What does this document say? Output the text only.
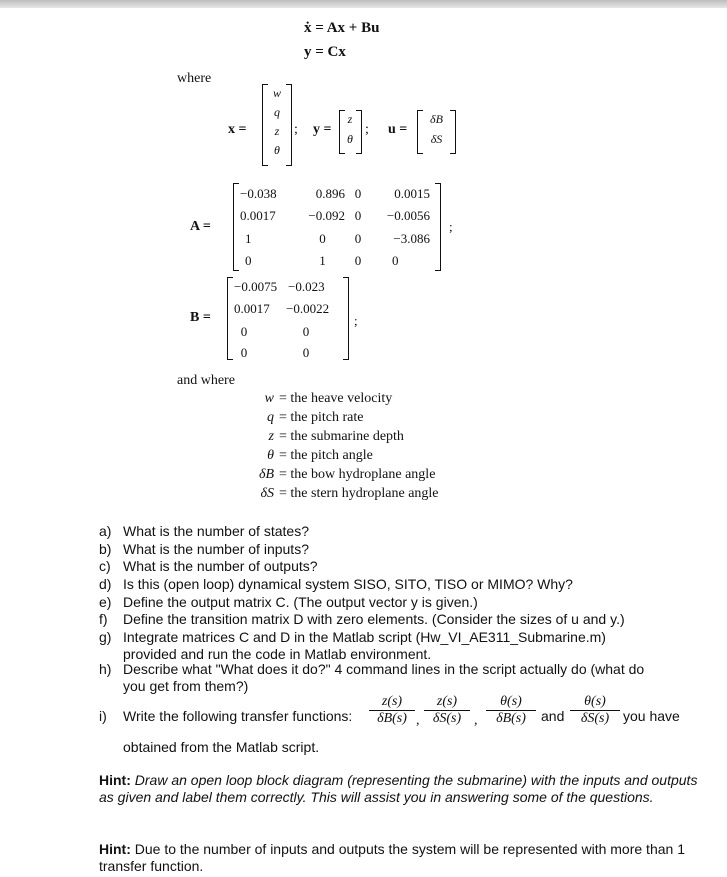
ẋ = Ax + Bu
y = Cx
where
x =
w
q
z
θ
; y =
z
θ
; u =
δB
δS
A =	;
−0.038	0.896 0	0.0015
0.0017	−0.092 0	−0.0056
1	0	0	−3.086
0	1	0 0
B =	;
−0.0075 −0.023
0.0017	−0.0022
0	0
0	0
and where
w = the heave velocity
q = the pitch rate
z = the submarine depth
θ = the pitch angle
δB = the bow hydroplane angle
δS = the stern hydroplane angle
a) What is the number of states?
b) What is the number of inputs?
c) What is the number of outputs?
d) Is this (open loop) dynamical system SISO, SITO, TISO or MIMO? Why?
e) Define the output matrix C. (The output vector y is given.)
f) Define the transition matrix D with zero elements. (Consider the sizes of u and y.)
g) Integrate matrices C and D in the Matlab script (Hw_VI_AE311_Submarine.m)
provided and run the code in Matlab environment.
h) Describe what "What does it do?" 4 command lines in the script actually do (what do
you get from them?)
i) Write the following transfer functions: $\frac{z(s)}{\delta B(s)}$ , $\frac{z(s)}{\delta S(s)}$ , $\frac{\theta(s)}{\delta B(s)}$ and $\frac{\theta(s)}{\delta S(s)}$ you have
obtained from the Matlab script.
Hint: Draw an open loop block diagram (representing the submarine) with the inputs and outputs as given and label them correctly. This will assist you in answering some of the questions.
Hint: Due to the number of inputs and outputs the system will be represented with more than 1 transfer function.
